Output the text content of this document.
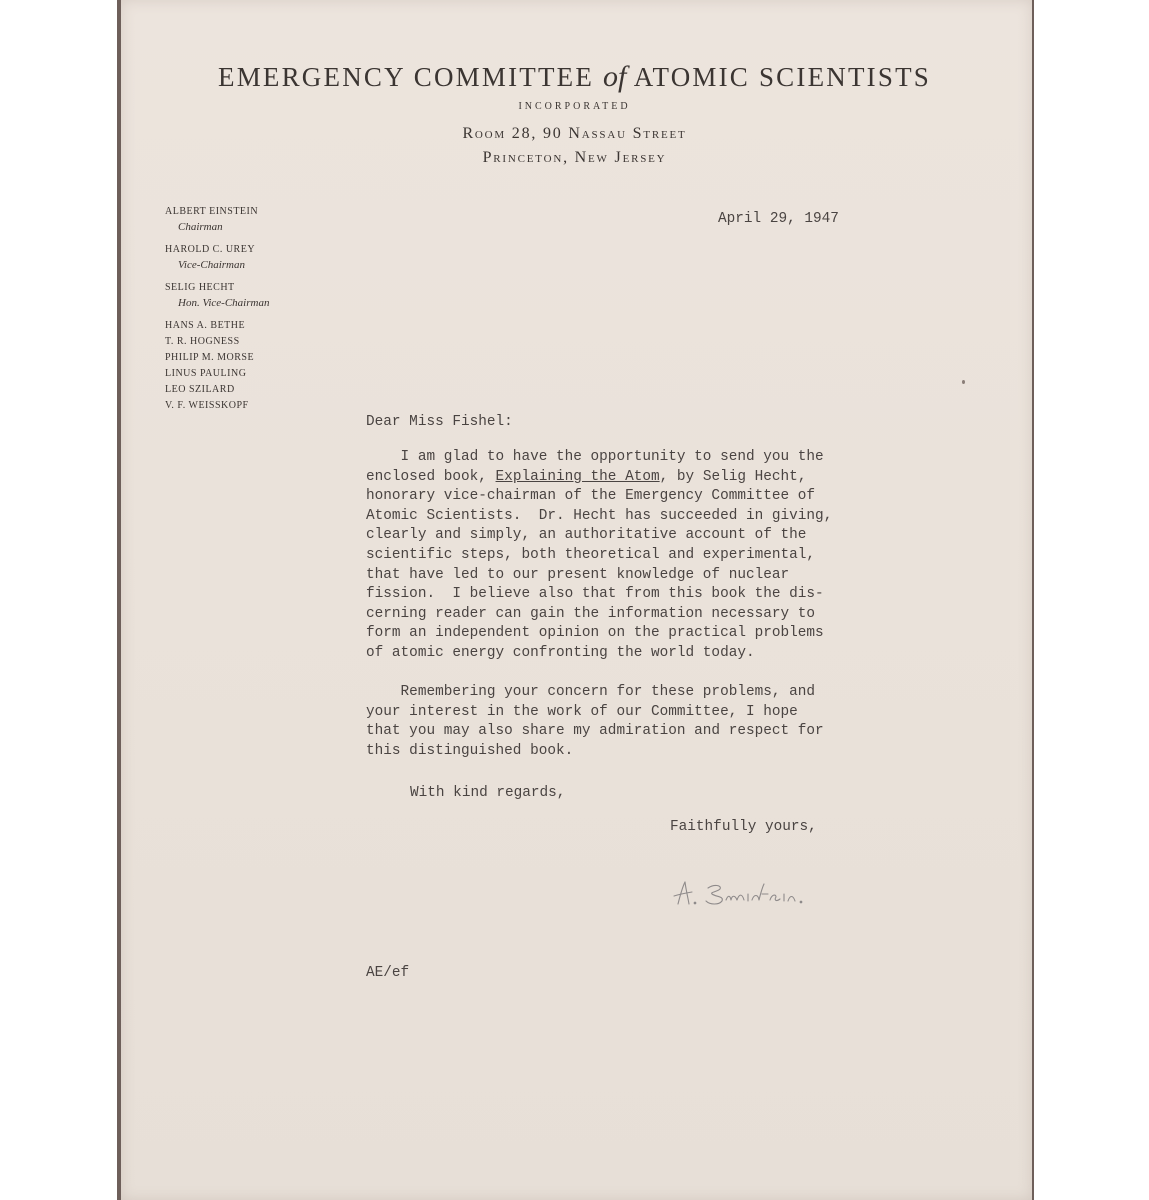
EMERGENCY COMMITTEE of ATOMIC SCIENTISTS
INCORPORATED
Room 28, 90 Nassau Street
Princeton, New Jersey
ALBERT EINSTEIN
Chairman
HAROLD C. UREY
Vice-Chairman
SELIG HECHT
Hon. Vice-Chairman
HANS A. BETHE
T. R. HOGNESS
PHILIP M. MORSE
LINUS PAULING
LEO SZILARD
V. F. WEISSKOPF
April 29, 1947
Dear Miss Fishel:
I am glad to have the opportunity to send you the
enclosed book, Explaining the Atom, by Selig Hecht,
honorary vice-chairman of the Emergency Committee of
Atomic Scientists.  Dr. Hecht has succeeded in giving,
clearly and simply, an authoritative account of the
scientific steps, both theoretical and experimental,
that have led to our present knowledge of nuclear
fission.  I believe also that from this book the dis-
cerning reader can gain the information necessary to
form an independent opinion on the practical problems
of atomic energy confronting the world today.
Remembering your concern for these problems, and
your interest in the work of our Committee, I hope
that you may also share my admiration and respect for
this distinguished book.
With kind regards,
Faithfully yours,
AE/ef
